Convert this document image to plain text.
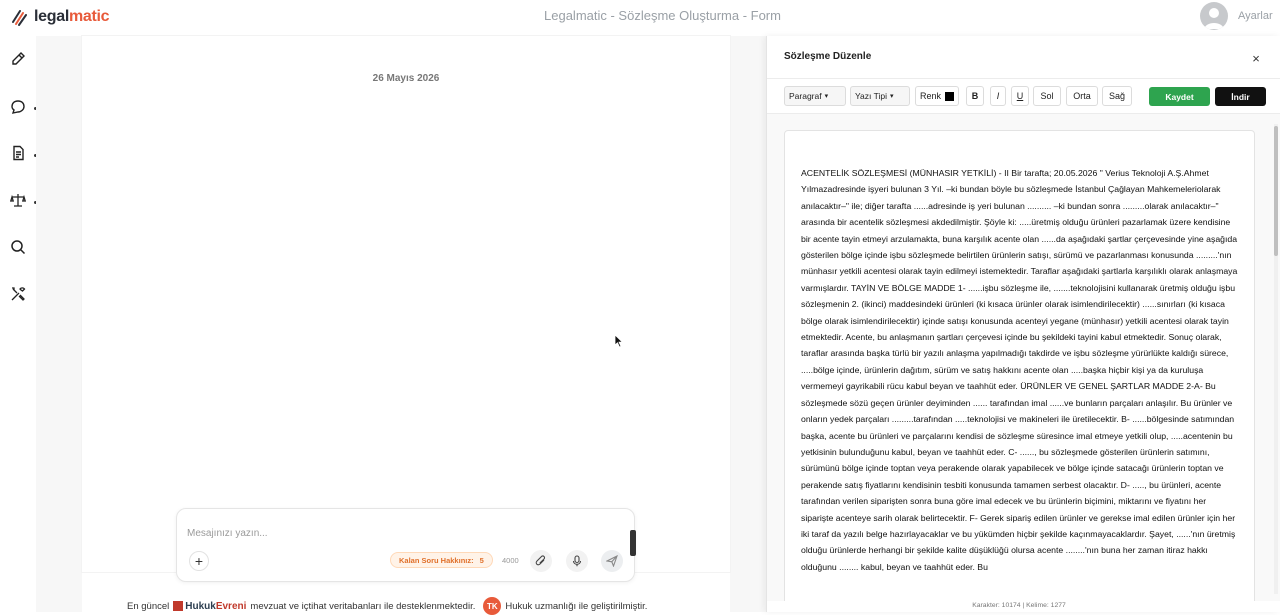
legalmatic	Legalmatic - Sözleşme Oluşturma - Form	Ayarlar
26 Mayıs 2026
Mesajınızı yazın...
+	Kalan Soru Hakkınız: 5 4000
En güncel HukukEvreni mevzuat ve içtihat veritabanları ile desteklenmektedir.	TK Hukuk uzmanlığı ile geliştirilmiştir.
Sözleşme Düzenle	×
Paragraf ▾	Yazı Tipi ▾	Renk	B	I	U	Sol	Orta	Sağ	Kaydet	İndir
ACENTELİK SÖZLEŞMESİ (MÜNHASIR YETKİLİ) - II Bir tarafta; 20.05.2026 " Verius Teknoloji A.Ş.Ahmet Yılmazadresinde işyeri bulunan 3 Yıl. –ki bundan böyle bu sözleşmede İstanbul Çağlayan Mahkemeleriolarak anılacaktır–" ile; diğer tarafta ......adresinde iş yeri bulunan .......... –ki bundan sonra .........olarak anılacaktır–" arasında bir acentelik sözleşmesi akdedilmiştir. Şöyle ki: .....üretmiş olduğu ürünleri pazarlamak üzere kendisine bir acente tayin etmeyi arzulamakta, buna karşılık acente olan ......da aşağıdaki şartlar çerçevesinde yine aşağıda gösterilen bölge içinde işbu sözleşmede belirtilen ürünlerin satışı, sürümü ve pazarlanması konusunda .........'nın münhasır yetkili acentesi olarak tayin edilmeyi istemektedir. Taraflar aşağıdaki şartlarla karşılıklı olarak anlaşmaya varmışlardır. TAYİN VE BÖLGE MADDE 1- ......işbu sözleşme ile, .......teknolojisini kullanarak üretmiş olduğu işbu sözleşmenin 2. (ikinci) maddesindeki ürünleri (ki kısaca ürünler olarak isimlendirilecektir) ......sınırları (ki kısaca bölge olarak isimlendirilecektir) içinde satışı konusunda acenteyi yegane (münhasır) yetkili acentesi olarak tayin etmektedir. Acente, bu anlaşmanın şartları çerçevesi içinde bu şekildeki tayini kabul etmektedir. Sonuç olarak, taraflar arasında başka türlü bir yazılı anlaşma yapılmadığı takdirde ve işbu sözleşme yürürlükte kaldığı sürece, .....bölge içinde, ürünlerin dağıtım, sürüm ve satış hakkını acente olan .....başka hiçbir kişi ya da kuruluşa vermemeyi gayrikabili rücu kabul beyan ve taahhüt eder. ÜRÜNLER VE GENEL ŞARTLAR MADDE 2-A- Bu sözleşmede sözü geçen ürünler deyiminden ...... tarafından imal ......ve bunların parçaları anlaşılır. Bu ürünler ve onların yedek parçaları .........tarafından .....teknolojisi ve makineleri ile üretilecektir. B- ......bölgesinde satımından başka, acente bu ürünleri ve parçalarını kendisi de sözleşme süresince imal etmeye yetkili olup, .....acentenin bu yetkisinin bulunduğunu kabul, beyan ve taahhüt eder. C- ......, bu sözleşmede gösterilen ürünlerin satımını, sürümünü bölge içinde toptan veya perakende olarak yapabilecek ve bölge içinde satacağı ürünlerin toptan ve perakende satış fiyatlarını kendisinin tesbiti konusunda tamamen serbest olacaktır. D- ....., bu ürünleri, acente tarafından verilen siparişten sonra buna göre imal edecek ve bu ürünlerin biçimini, miktarını ve fiyatını her siparişte acenteye sarih olarak belirtecektir. F- Gerek sipariş edilen ürünler ve gerekse imal edilen ürünler için her iki taraf da yazılı belge hazırlayacaklar ve bu yükümden hiçbir şekilde kaçınmayacaklardır. Şayet, ......'nın üretmiş olduğu ürünlerde herhangi bir şekilde kalite düşüklüğü olursa acente ........'nın buna her zaman itiraz hakkı olduğunu ........ kabul, beyan ve taahhüt eder. Bu
Karakter: 10174 | Kelime: 1277
